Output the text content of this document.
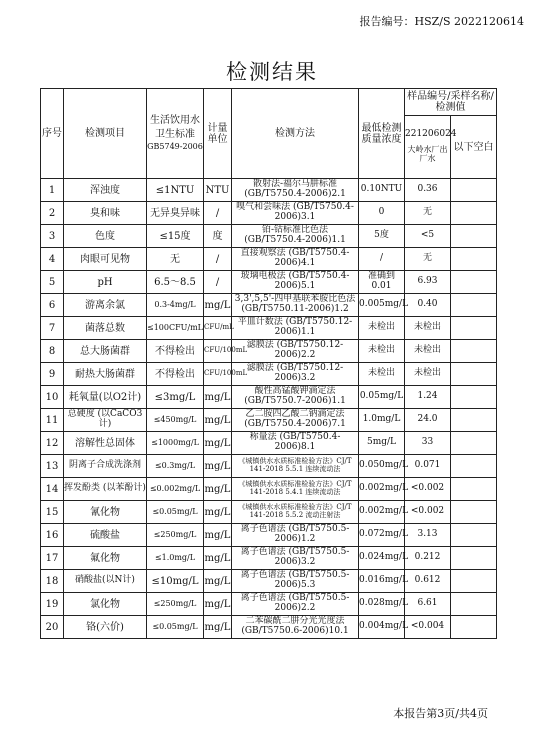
报告编号：HSZ/S 2022120614
检测结果
序号	检测项目	生活饮用水
卫生标准
GB5749-2006	计量单位	检测方法	最低检测质量浓度	样品编号/采样名称/检测值	

						221206024
大岭水厂出厂水	以下空白
1	浑浊度	≤1NTU	NTU	散射法-福尔马肼标准 (GB/T5750.4-2006)2.1	0.10NTU	0.36	
2	臭和味	无异臭异味	/	嗅气和尝味法 (GB/T5750.4-2006)3.1	0	无	
3	色度	≤15度	度	铂-钴标准比色法 (GB/T5750.4-2006)1.1	5度	<5	
4	肉眼可见物	无	/	直接观察法 (GB/T5750.4-2006)4.1	/	无	
5	pH	6.5～8.5	/	玻璃电极法 (GB/T5750.4-2006)5.1	准确到0.01	6.93	
6	游离余氯	0.3-4mg/L	mg/L	3,3',5,5'-四甲基联苯胺比色法 (GB/T5750.11-2006)1.2	0.005mg/L	0.40	
7	菌落总数	≤100CFU/mL	CFU/mL	平皿计数法 (GB/T5750.12-2006)1.1	未检出	未检出	
8	总大肠菌群	不得检出	CFU/100mL	滤膜法 (GB/T5750.12-2006)2.2	未检出	未检出	
9	耐热大肠菌群	不得检出	CFU/100mL	滤膜法 (GB/T5750.12-2006)3.2	未检出	未检出	
10	耗氧量(以O2计)	≤3mg/L	mg/L	酸性高锰酸钾滴定法 (GB/T5750.7-2006)1.1	0.05mg/L	1.24	
11	总硬度 (以CaCO3计)	≤450mg/L	mg/L	乙二胺四乙酸二钠滴定法 (GB/T5750.4-2006)7.1	1.0mg/L	24.0	
12	溶解性总固体	≤1000mg/L	mg/L	称量法 (GB/T5750.4-2006)8.1	5mg/L	33	
13	阴离子合成洗涤剂	≤0.3mg/L	mg/L	《城镇供水水质标准检验方法》CJ/T 141-2018 5.5.1 连续流动法	0.050mg/L	0.071	
14	挥发酚类 (以苯酚计)	≤0.002mg/L	mg/L	《城镇供水水质标准检验方法》CJ/T 141-2018 5.4.1 连续流动法	0.002mg/L	<0.002	
15	氰化物	≤0.05mg/L	mg/L	《城镇供水水质标准检验方法》CJ/T 141-2018 5.5.2 流动注射法	0.002mg/L	<0.002	
16	硫酸盐	≤250mg/L	mg/L	离子色谱法 (GB/T5750.5-2006)1.2	0.072mg/L	3.13	
17	氟化物	≤1.0mg/L	mg/L	离子色谱法 (GB/T5750.5-2006)3.2	0.024mg/L	0.212	
18	硝酸盐(以N计)	≤10mg/L	mg/L	离子色谱法 (GB/T5750.5-2006)5.3	0.016mg/L	0.612	
19	氯化物	≤250mg/L	mg/L	离子色谱法 (GB/T5750.5-2006)2.2	0.028mg/L	6.61	
20	铬(六价)	≤0.05mg/L	mg/L	二苯碳酰二肼分光光度法 (GB/T5750.6-2006)10.1	0.004mg/L	<0.004	
本报告第3页/共4页
